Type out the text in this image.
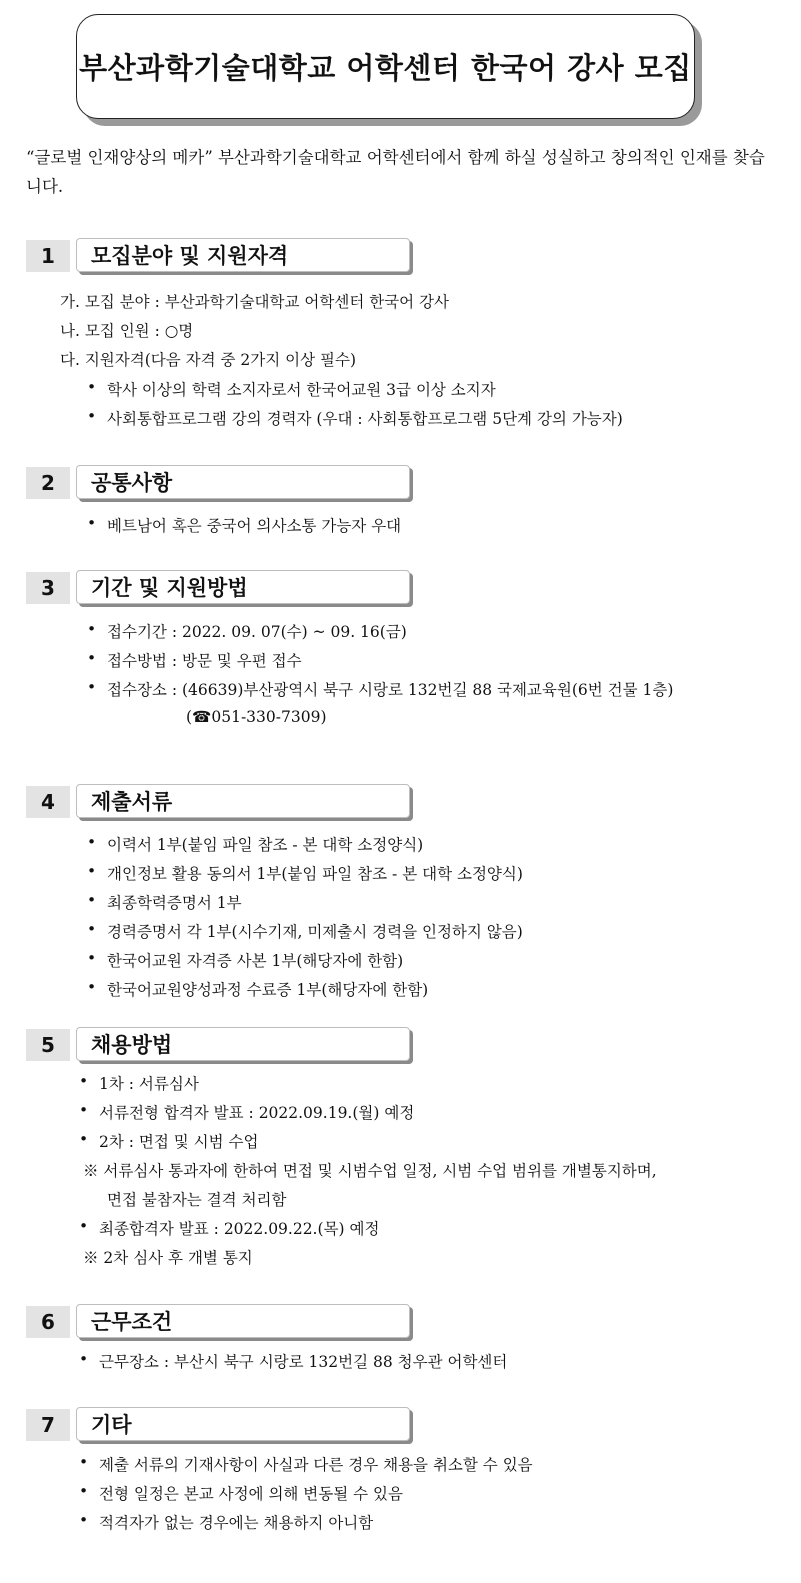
부산과학기술대학교 어학센터 한국어 강사 모집
“글로벌 인재양상의 메카” 부산과학기술대학교 어학센터에서 함께 하실 성실하고 창의적인 인재를 찾습니다.
1	모집분야 및 지원자격
가. 모집 분야 : 부산과학기술대학교 어학센터 한국어 강사
나. 모집 인원 : ○명
다. 지원자격(다음 자격 중 2가지 이상 필수)
• 학사 이상의 학력 소지자로서 한국어교원 3급 이상 소지자
• 사회통합프로그램 강의 경력자 (우대 : 사회통합프로그램 5단계 강의 가능자)
2	공통사항
• 베트남어 혹은 중국어 의사소통 가능자 우대
3	기간 및 지원방법
• 접수기간 : 2022. 09. 07(수) ~ 09. 16(금)
• 접수방법 : 방문 및 우편 접수
• 접수장소 : (46639)부산광역시 북구 시랑로 132번길 88 국제교육원(6번 건물 1층)
(☎051-330-7309)
4	제출서류
• 이력서 1부(붙임 파일 참조 - 본 대학 소정양식)
• 개인정보 활용 동의서 1부(붙임 파일 참조 - 본 대학 소정양식)
• 최종학력증명서 1부
• 경력증명서 각 1부(시수기재, 미제출시 경력을 인정하지 않음)
• 한국어교원 자격증 사본 1부(해당자에 한함)
• 한국어교원양성과정 수료증 1부(해당자에 한함)
5	채용방법
• 1차 : 서류심사
• 서류전형 합격자 발표 : 2022.09.19.(월) 예정
• 2차 : 면접 및 시범 수업
※ 서류심사 통과자에 한하여 면접 및 시범수업 일정, 시범 수업 범위를 개별통지하며,
면접 불참자는 결격 처리함
• 최종합격자 발표 : 2022.09.22.(목) 예정
※ 2차 심사 후 개별 통지
6	근무조건
• 근무장소 : 부산시 북구 시랑로 132번길 88 청우관 어학센터
7	기타
• 제출 서류의 기재사항이 사실과 다른 경우 채용을 취소할 수 있음
• 전형 일정은 본교 사정에 의해 변동될 수 있음
• 적격자가 없는 경우에는 채용하지 아니함
